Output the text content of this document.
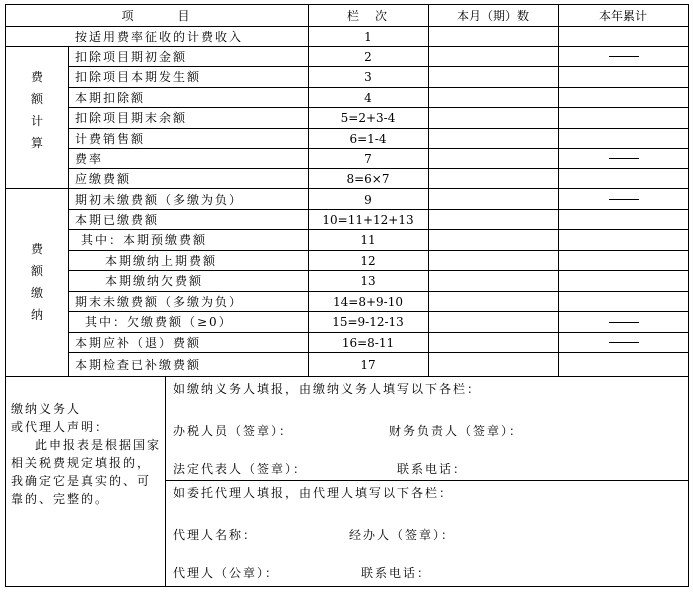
项　　　目	栏　次	本月（期）数	本年累计
费
额
计
算
费
额
缴
纳
按适用费率征收的计费收入	1
扣除项目期初金额	2
扣除项目本期发生额	3
本期扣除额	4
扣除项目期末余额	5=2+3-4
计费销售额	6=1-4
费率	7
应缴费额	8=6×7
期初未缴费额（多缴为负）	9
本期已缴费额	10=11+12+13
其中：本期预缴费额	11
本期缴纳上期费额	12
本期缴纳欠费额	13
期末未缴费额（多缴为负）	14=8+9-10
其中：欠缴费额（≥0）	15=9-12-13
本期应补（退）费额	16=8-11
本期检查已补缴费额	17
缴纳义务人
或代理人声明：
此申报表是根据国家
相关税费规定填报的，
我确定它是真实的、可
靠的、完整的。
如缴纳义务人填报，由缴纳义务人填写以下各栏：
办税人员（签章）：	财务负责人（签章）：
法定代表人（签章）：	联系电话：
如委托代理人填报，由代理人填写以下各栏：
代理人名称：	经办人（签章）：
代理人（公章）：	联系电话：
